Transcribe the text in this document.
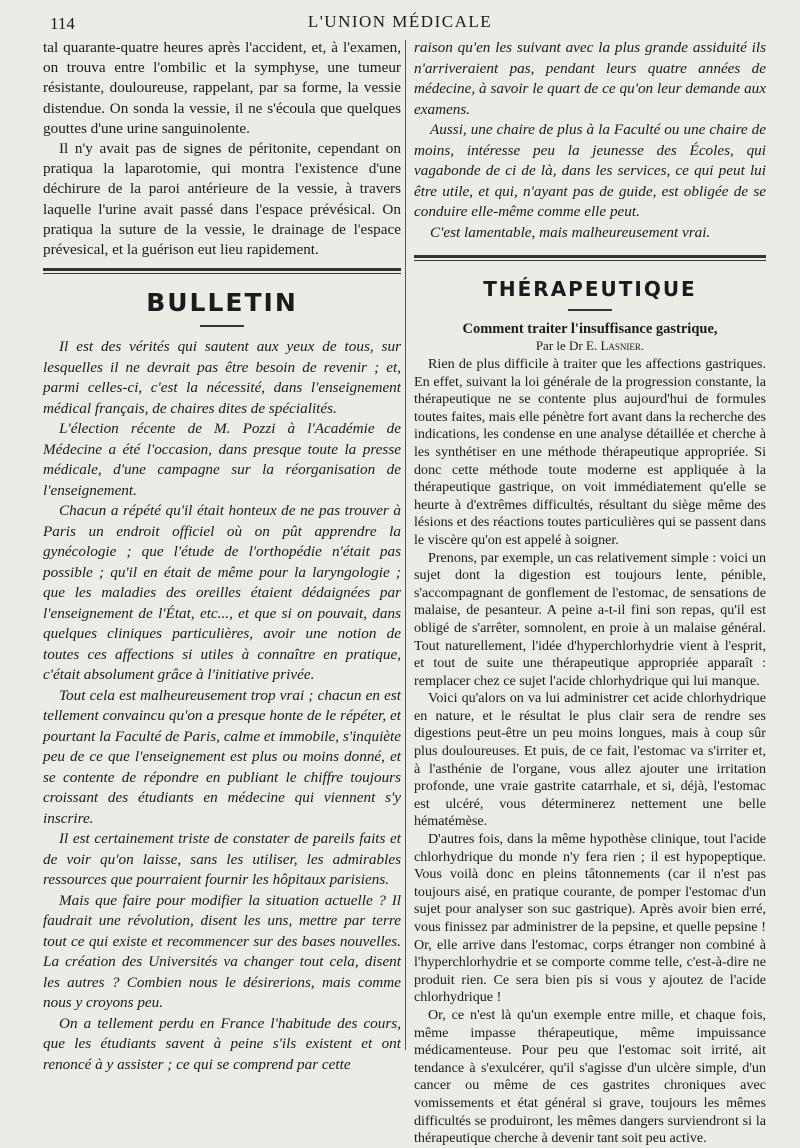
114	L'UNION MÉDICALE

tal quarante-quatre heures après l'accident, et, à l'examen, on trouva entre l'ombilic et la symphyse, une tumeur résistante, douloureuse, rappelant, par sa forme, la vessie distendue. On sonda la vessie, il ne s'écoula que quelques gouttes d'une urine sanguinolente.

Il n'y avait pas de signes de péritonite, cependant on pratiqua la laparotomie, qui montra l'existence d'une déchirure de la paroi antérieure de la vessie, à travers laquelle l'urine avait passé dans l'espace prévésical. On pratiqua la suture de la vessie, le drainage de l'espace prévesical, et la guérison eut lieu rapidement.

BULLETIN

Il est des vérités qui sautent aux yeux de tous, sur lesquelles il ne devrait pas être besoin de revenir ; et, parmi celles-ci, c'est la nécessité, dans l'enseignement médical français, de chaires dites de spécialités.

L'élection récente de M. Pozzi à l'Académie de Médecine a été l'occasion, dans presque toute la presse médicale, d'une campagne sur la réorganisation de l'enseignement.

Chacun a répété qu'il était honteux de ne pas trouver à Paris un endroit officiel où on pût apprendre la gynécologie ; que l'étude de l'orthopédie n'était pas possible ; qu'il en était de même pour la laryngologie ; que les maladies des oreilles étaient dédaignées par l'enseignement de l'État, etc..., et que si on pouvait, dans quelques cliniques particulières, avoir une notion de toutes ces affections si utiles à connaître en pratique, c'était absolument grâce à l'initiative privée.

Tout cela est malheureusement trop vrai ; chacun en est tellement convaincu qu'on a presque honte de le répéter, et pourtant la Faculté de Paris, calme et immobile, s'inquiète peu de ce que l'enseignement est plus ou moins donné, et se contente de répondre en publiant le chiffre toujours croissant des étudiants en médecine qui viennent s'y inscrire.

Il est certainement triste de constater de pareils faits et de voir qu'on laisse, sans les utiliser, les admirables ressources que pourraient fournir les hôpitaux parisiens.

Mais que faire pour modifier la situation actuelle ? Il faudrait une révolution, disent les uns, mettre par terre tout ce qui existe et recommencer sur des bases nouvelles. La création des Universités va changer tout cela, disent les autres ? Combien nous le désirerions, mais comme nous y croyons peu.

On a tellement perdu en France l'habitude des cours, que les étudiants savent à peine s'ils existent et ont renoncé à y assister ; ce qui se comprend par cette

raison qu'en les suivant avec la plus grande assiduité ils n'arriveraient pas, pendant leurs quatre années de médecine, à savoir le quart de ce qu'on leur demande aux examens.

Aussi, une chaire de plus à la Faculté ou une chaire de moins, intéresse peu la jeunesse des Écoles, qui vagabonde de ci de là, dans les services, ce qui peut lui être utile, et qui, n'ayant pas de guide, est obligée de se conduire elle-même comme elle peut.

C'est lamentable, mais malheureusement vrai.

THÉRAPEUTIQUE
Comment traiter l'insuffisance gastrique,
Par le Dr E. Lasnier.

Rien de plus difficile à traiter que les affections gastriques. En effet, suivant la loi générale de la progression constante, la thérapeutique ne se contente plus aujourd'hui de formules toutes faites, mais elle pénètre fort avant dans la recherche des indications, les condense en une analyse détaillée et cherche à les synthétiser en une méthode thérapeutique appropriée. Si donc cette méthode toute moderne est appliquée à la thérapeutique gastrique, on voit immédiatement qu'elle se heurte à d'extrêmes difficultés, résultant du siège même des lésions et des réactions toutes particulières qui se passent dans le viscère qu'on est appelé à soigner.

Prenons, par exemple, un cas relativement simple : voici un sujet dont la digestion est toujours lente, pénible, s'accompagnant de gonflement de l'estomac, de sensations de malaise, de pesanteur. A peine a-t-il fini son repas, qu'il est obligé de s'arrêter, somnolent, en proie à un malaise général. Tout naturellement, l'idée d'hyperchlorhydrie vient à l'esprit, et tout de suite une thérapeutique appropriée apparaît : remplacer chez ce sujet l'acide chlorhydrique qui lui manque.

Voici qu'alors on va lui administrer cet acide chlorhydrique en nature, et le résultat le plus clair sera de rendre ses digestions peut-être un peu moins longues, mais à coup sûr plus douloureuses. Et puis, de ce fait, l'estomac va s'irriter et, à l'asthénie de l'organe, vous allez ajouter une irritation profonde, une vraie gastrite catarrhale, et si, déjà, l'estomac est ulcéré, vous déterminerez nettement une belle hématémèse.

D'autres fois, dans la même hypothèse clinique, tout l'acide chlorhydrique du monde n'y fera rien ; il est hypopeptique. Vous voilà donc en pleins tâtonnements (car il n'est pas toujours aisé, en pratique courante, de pomper l'estomac d'un sujet pour analyser son suc gastrique). Après avoir bien erré, vous finissez par administrer de la pepsine, et quelle pepsine ! Or, elle arrive dans l'estomac, corps étranger non combiné à l'hyperchlorhydrie et se comporte comme telle, c'est-à-dire ne produit rien. Ce sera bien pis si vous y ajoutez de l'acide chlorhydrique !

Or, ce n'est là qu'un exemple entre mille, et chaque fois, même impasse thérapeutique, même impuissance médicamenteuse. Pour peu que l'estomac soit irrité, ait tendance à s'exulcérer, qu'il s'agisse d'un ulcère simple, d'un cancer ou même de ces gastrites chroniques avec vomissements et état général si grave, toujours les mêmes difficultés se produiront, les mêmes dangers surviendront si la thérapeutique cherche à devenir tant soit peu active.
